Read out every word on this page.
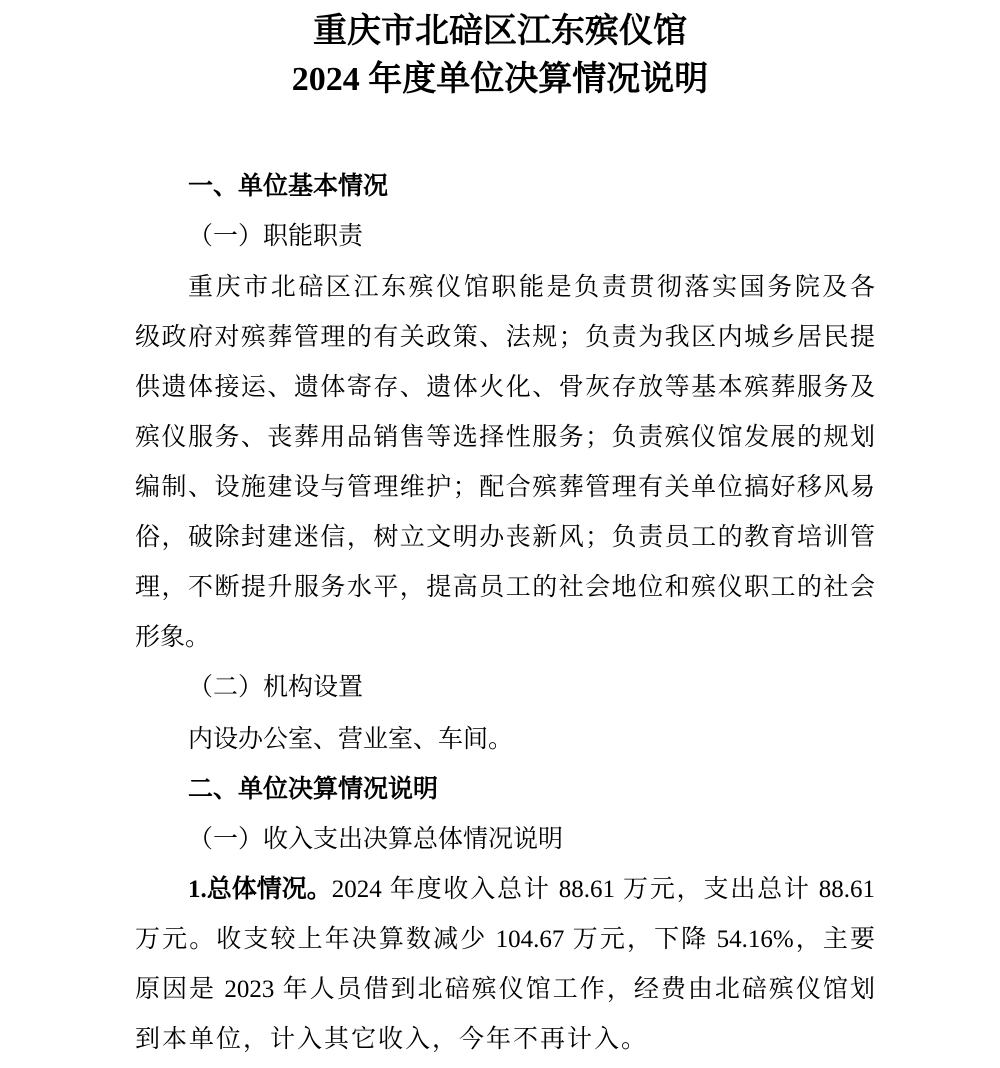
重庆市北碚区江东殡仪馆
2024 年度单位决算情况说明
一、单位基本情况
（一）职能职责
重庆市北碚区江东殡仪馆职能是负责贯彻落实国务院及各
级政府对殡葬管理的有关政策、法规；负责为我区内城乡居民提
供遗体接运、遗体寄存、遗体火化、骨灰存放等基本殡葬服务及
殡仪服务、丧葬用品销售等选择性服务；负责殡仪馆发展的规划
编制、设施建设与管理维护；配合殡葬管理有关单位搞好移风易
俗，破除封建迷信，树立文明办丧新风；负责员工的教育培训管
理，不断提升服务水平，提高员工的社会地位和殡仪职工的社会
形象。
（二）机构设置
内设办公室、营业室、车间。
二、单位决算情况说明
（一）收入支出决算总体情况说明
1.总体情况。 2024 年度收入总计 88.61 万元，支出总计 88.61
万元。收支较上年决算数减少 104.67 万元，下降 54.16%，主要
原因是 2023 年人员借到北碚殡仪馆工作，经费由北碚殡仪馆划
到本单位，计入其它收入，今年不再计入。
